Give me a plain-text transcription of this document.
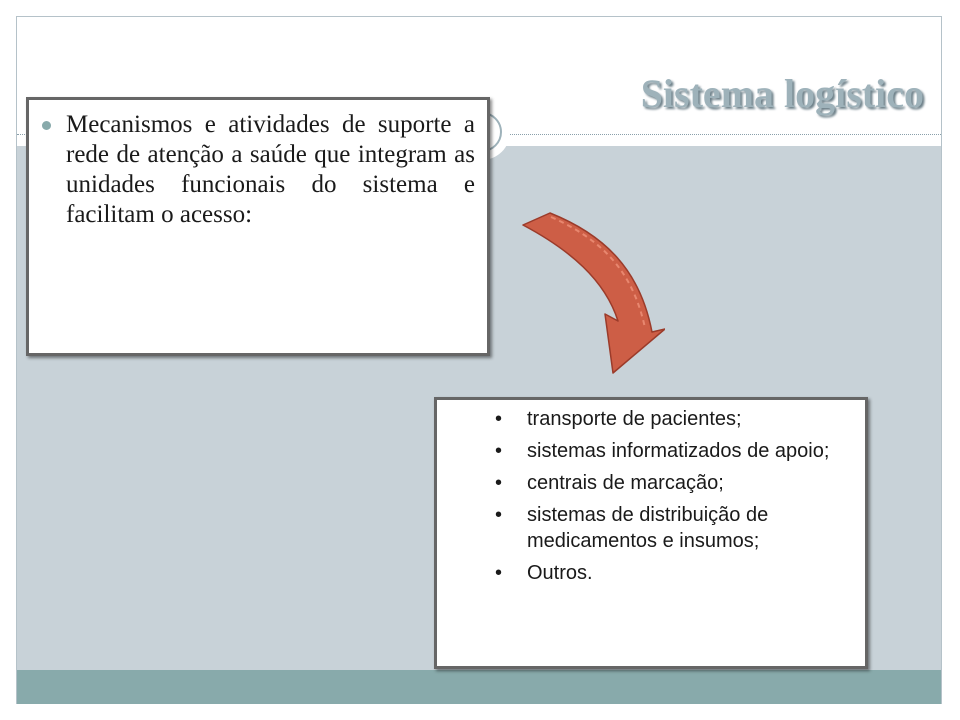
Sistema logístico
Mecanismos e atividades de suporte a rede de atenção a saúde que integram as unidades funcionais do sistema e facilitam o acesso:
• transporte de pacientes;
• sistemas informatizados de apoio;
• centrais de marcação;
• sistemas de distribuição de medicamentos e insumos;
• Outros.
